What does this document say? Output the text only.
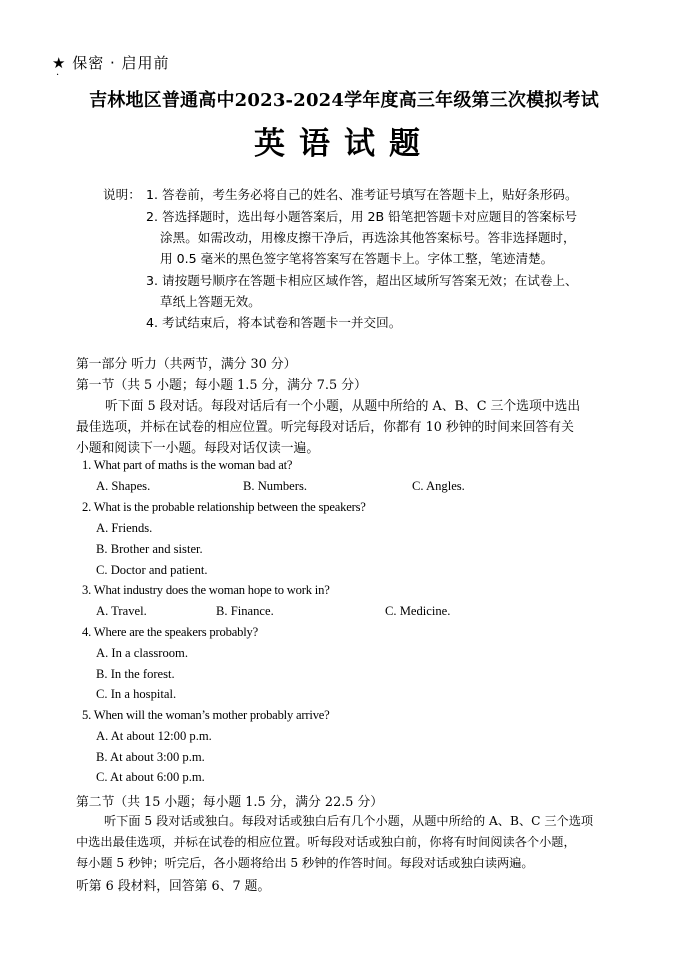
★ 保密 · 启用前
·
吉林地区普通高中2023-2024学年度高三年级第三次模拟考试
英语试题
说明： 1. 答卷前，考生务必将自己的姓名、准考证号填写在答题卡上，贴好条形码。
2. 答选择题时，选出每小题答案后，用 2B 铅笔把答题卡对应题目的答案标号
涂黑。如需改动，用橡皮擦干净后，再选涂其他答案标号。答非选择题时，
用 0.5 毫米的黑色签字笔将答案写在答题卡上。字体工整，笔迹清楚。
3. 请按题号顺序在答题卡相应区域作答，超出区域所写答案无效；在试卷上、
草纸上答题无效。
4. 考试结束后，将本试卷和答题卡一并交回。
第一部分 听力（共两节，满分 30 分）
第一节（共 5 小题；每小题 1.5 分，满分 7.5 分）
听下面 5 段对话。每段对话后有一个小题，从题中所给的 A、B、C 三个选项中选出
最佳选项，并标在试卷的相应位置。听完每段对话后，你都有 10 秒钟的时间来回答有关
小题和阅读下一小题。每段对话仅读一遍。
1. What part of maths is the woman bad at?
A. Shapes.	B. Numbers.	C. Angles.
2. What is the probable relationship between the speakers?
A. Friends.
B. Brother and sister.
C. Doctor and patient.
3. What industry does the woman hope to work in?
A. Travel.	B. Finance.	C. Medicine.
4. Where are the speakers probably?
A. In a classroom.
B. In the forest.
C. In a hospital.
5. When will the woman’s mother probably arrive?
A. At about 12:00 p.m.
B. At about 3:00 p.m.
C. At about 6:00 p.m.
第二节（共 15 小题；每小题 1.5 分，满分 22.5 分）
听下面 5 段对话或独白。每段对话或独白后有几个小题，从题中所给的 A、B、C 三个选项
中选出最佳选项，并标在试卷的相应位置。听每段对话或独白前，你将有时间阅读各个小题，
每小题 5 秒钟；听完后，各小题将给出 5 秒钟的作答时间。每段对话或独白读两遍。
听第 6 段材料，回答第 6、7 题。
